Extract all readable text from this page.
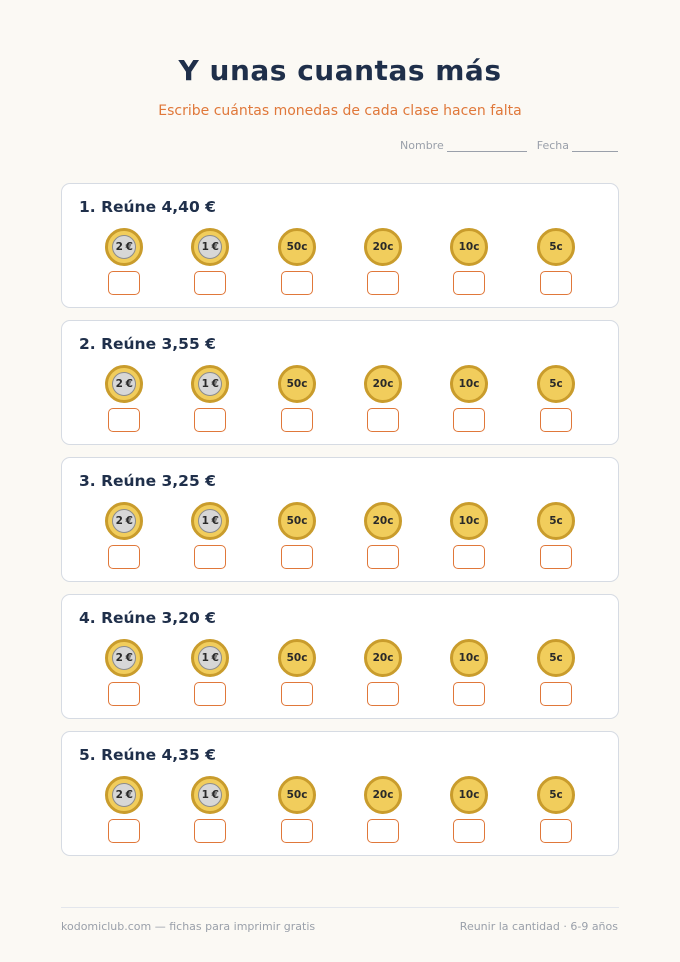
Y unas cuantas más
Escribe cuántas monedas de cada clase hacen falta
Nombre	Fecha
1. Reúne 4,40 €
2 €	1 €	50c	20c	10c	5c
2. Reúne 3,55 €
2 €	1 €	50c	20c	10c	5c
3. Reúne 3,25 €
2 €	1 €	50c	20c	10c	5c
4. Reúne 3,20 €
2 €	1 €	50c	20c	10c	5c
5. Reúne 4,35 €
2 €	1 €	50c	20c	10c	5c
kodomiclub.com — fichas para imprimir gratis	Reunir la cantidad · 6-9 años
